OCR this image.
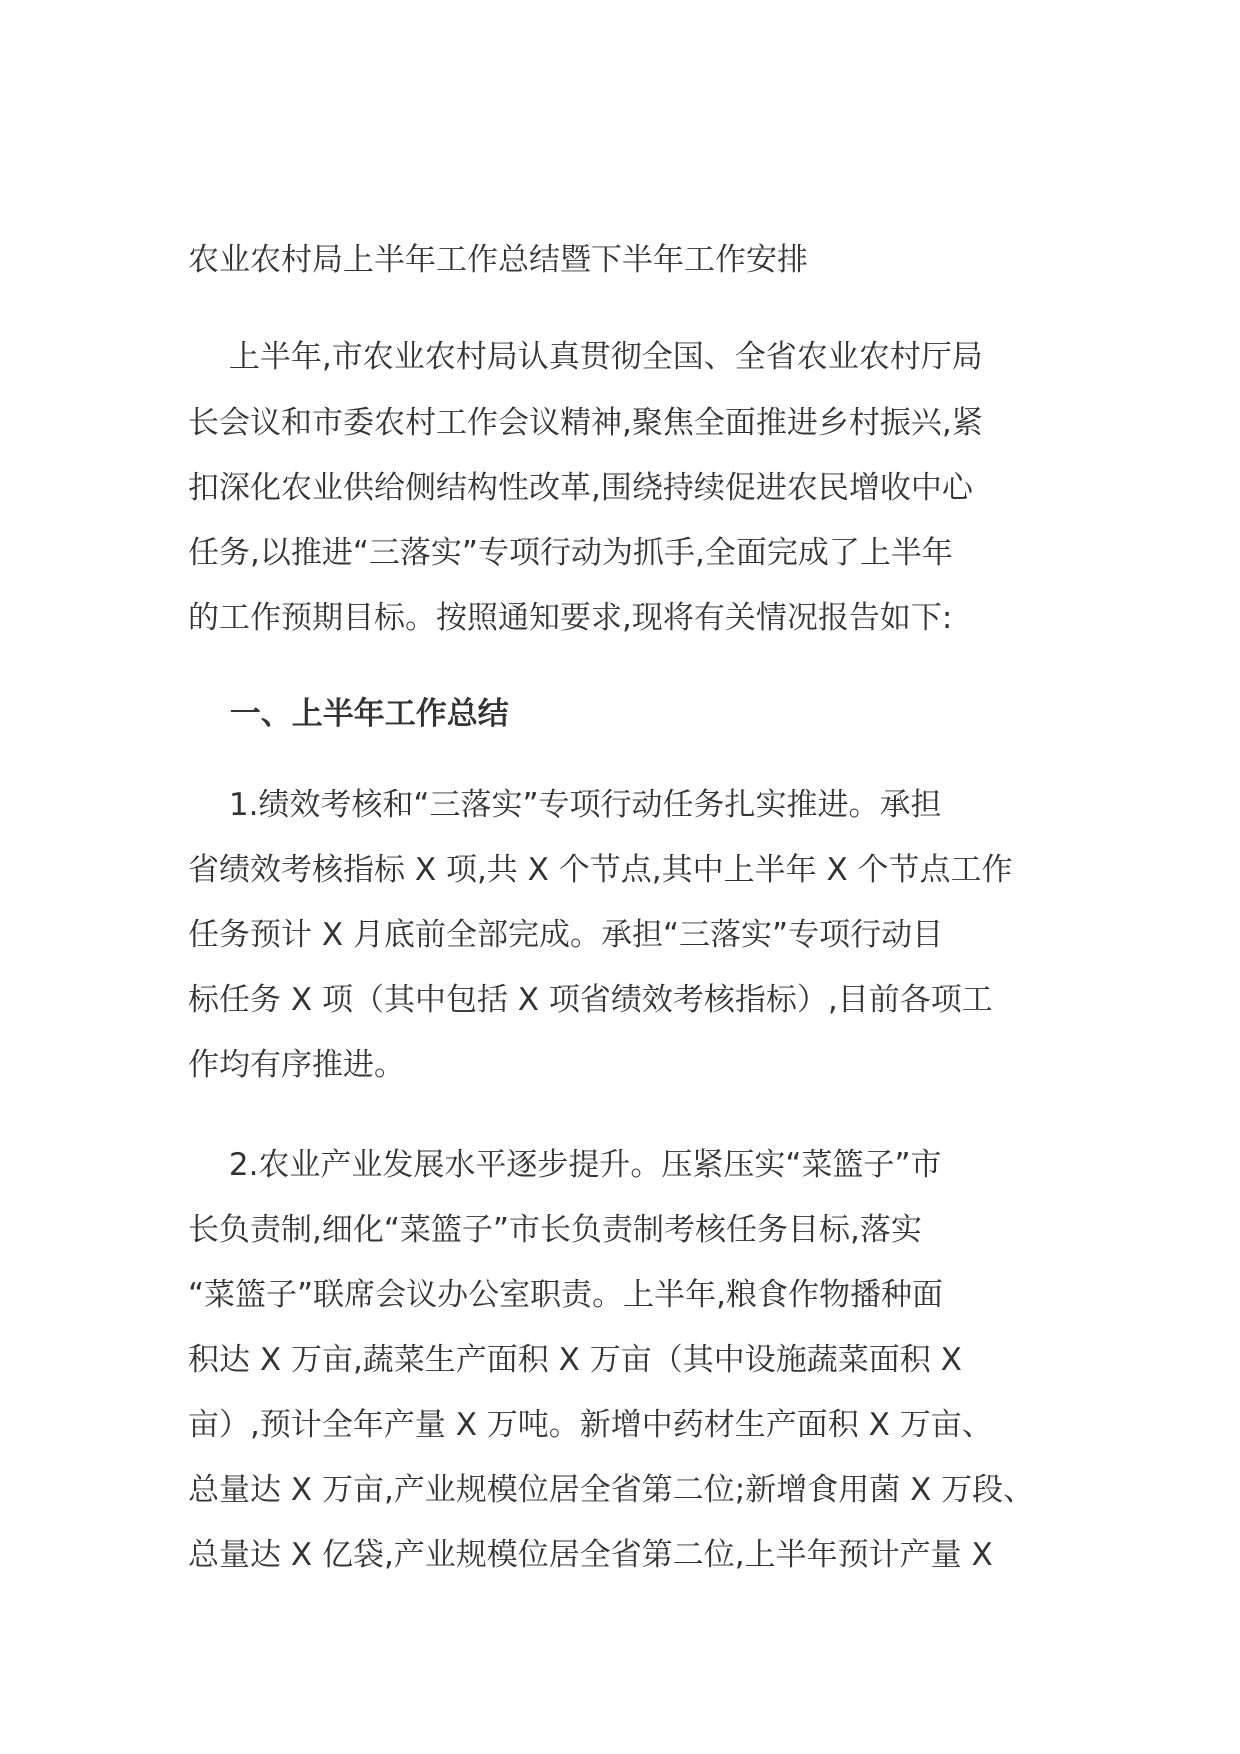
农业农村局上半年工作总结暨下半年工作安排
　 上半年,市农业农村局认真贯彻全国、全省农业农村厅局
长会议和市委农村工作会议精神,聚焦全面推进乡村振兴,紧
扣深化农业供给侧结构性改革,围绕持续促进农民增收中心
任务,以推进“三落实”专项行动为抓手,全面完成了上半年
的工作预期目标。按照通知要求,现将有关情况报告如下:
　 一、上半年工作总结
　 1.绩效考核和“三落实”专项行动任务扎实推进。承担
省绩效考核指标 X 项,共 X 个节点,其中上半年 X 个节点工作
任务预计 X 月底前全部完成。承担“三落实”专项行动目
标任务 X 项（其中包括 X 项省绩效考核指标）,目前各项工
作均有序推进。
　 2.农业产业发展水平逐步提升。压紧压实“菜篮子”市
长负责制,细化“菜篮子”市长负责制考核任务目标,落实
“菜篮子”联席会议办公室职责。上半年,粮食作物播种面
积达 X 万亩,蔬菜生产面积 X 万亩（其中设施蔬菜面积 X
亩）,预计全年产量 X 万吨。新增中药材生产面积 X 万亩、
总量达 X 万亩,产业规模位居全省第二位;新增食用菌 X 万段、
总量达 X 亿袋,产业规模位居全省第二位,上半年预计产量 X
